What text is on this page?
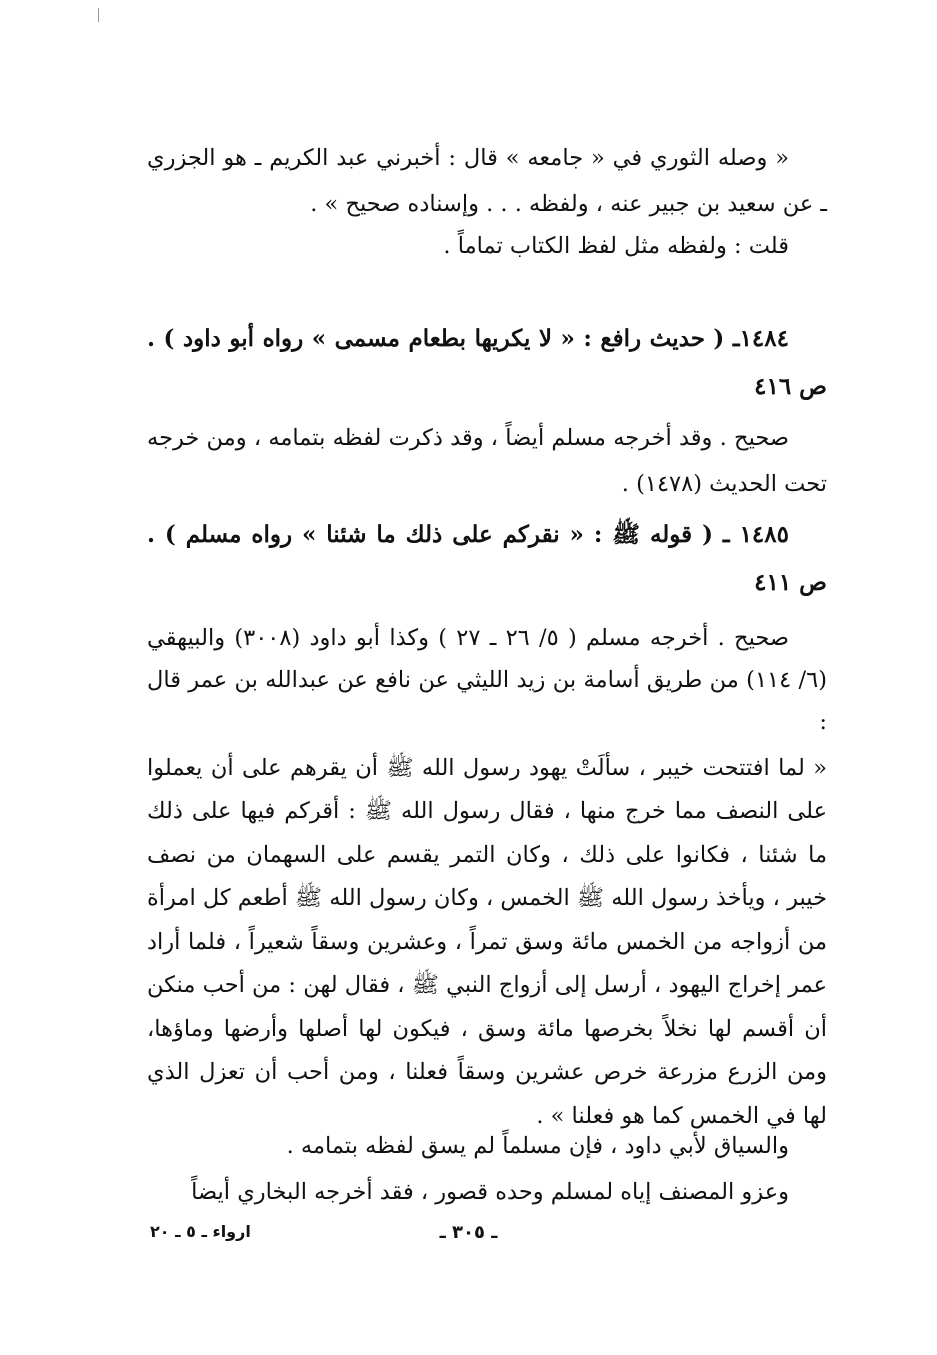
« وصله الثوري في « جامعه » قال : أخبرني عبد الكريم ـ هو الجزري ـ عن سعيد بن جبير عنه ، ولفظه . . . وإسناده صحيح » .

قلت : ولفظه مثل لفظ الكتاب تماماً .

١٤٨٤ـ ( حديث رافع : « لا يكريها بطعام مسمى » رواه أبو داود ) . ص ٤١٦

صحيح . وقد أخرجه مسلم أيضاً ، وقد ذكرت لفظه بتمامه ، ومن خرجه تحت الحديث (١٤٧٨) .

١٤٨٥ ـ ( قوله ﷺ : « نقركم على ذلك ما شئنا » رواه مسلم ) . ص ٤١١

صحيح . أخرجه مسلم ( ٥/ ٢٦ ـ ٢٧ ) وكذا أبو داود (٣٠٠٨) والبيهقي (٦/ ١١٤) من طريق أسامة بن زيد الليثي عن نافع عن عبدالله بن عمر قال :

« لما افتتحت خيبر ، سألَتْ يهود رسول الله ﷺ أن يقرهم على أن يعملوا على النصف مما خرج منها ، فقال رسول الله ﷺ : أقركم فيها على ذلك ما شئنا ، فكانوا على ذلك ، وكان التمر يقسم على السهمان من نصف خيبر ، ويأخذ رسول الله ﷺ الخمس ، وكان رسول الله ﷺ أطعم كل امرأة من أزواجه من الخمس مائة وسق تمراً ، وعشرين وسقاً شعيراً ، فلما أراد عمر إخراج اليهود ، أرسل إلى أزواج النبي ﷺ ، فقال لهن : من أحب منكن أن أقسم لها نخلاً بخرصها مائة وسق ، فيكون لها أصلها وأرضها وماؤها، ومن الزرع مزرعة خرص عشرين وسقاً فعلنا ، ومن أحب أن تعزل الذي لها في الخمس كما هو فعلنا » .

والسياق لأبي داود ، فإن مسلماً لم يسق لفظه بتمامه .

وعزو المصنف إياه لمسلم وحده قصور ، فقد أخرجه البخاري أيضاً

ارواء ـ ٥ ـ ٢٠	ـ ٣٠٥ ـ
